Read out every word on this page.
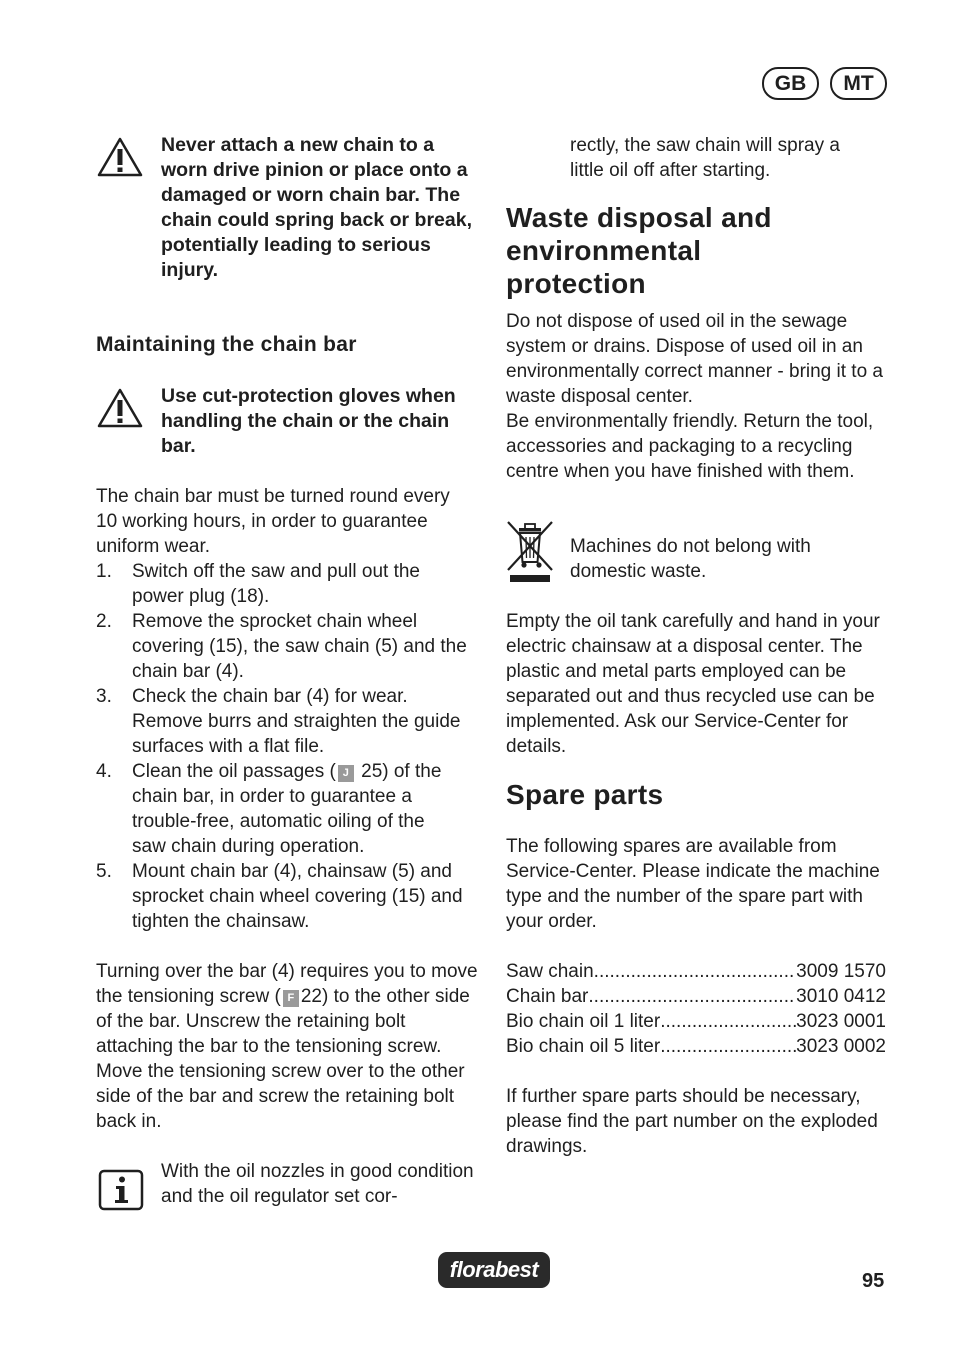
GB	MT
Never attach a new chain to a worn drive pinion or place onto a damaged or worn chain bar. The chain could spring back or break, potentially leading to serious injury.
Maintaining the chain bar
Use cut-protection gloves when handling the chain or the chain bar.
The chain bar must be turned round every 10 working hours, in order to guarantee uniform wear.
1. Switch off the saw and pull out the power plug (18).
2. Remove the sprocket chain wheel covering (15), the saw chain (5) and the chain bar (4).
3. Check the chain bar (4) for wear. Remove burrs and straighten the guide surfaces with a flat file.
4. Clean the oil passages ( J 25) of the chain bar, in order to guarantee a trouble-free, automatic oiling of the saw chain during operation.
5. Mount chain bar (4), chainsaw (5) and sprocket chain wheel covering (15) and tighten the chainsaw.
Turning over the bar (4) requires you to move the tensioning screw ( F 22) to the other side of the bar. Unscrew the retaining bolt attaching the bar to the tensioning screw. Move the tensioning screw over to the other side of the bar and screw the retaining bolt back in.
With the oil nozzles in good condition and the oil regulator set cor-
rectly, the saw chain will spray a little oil off after starting.
Waste disposal and environmental protection
Do not dispose of used oil in the sewage system or drains. Dispose of used oil in an environmentally correct manner - bring it to a waste disposal center.
Be environmentally friendly. Return the tool, accessories and packaging to a recycling centre when you have finished with them.
Machines do not belong with domestic waste.
Empty the oil tank carefully and hand in your electric chainsaw at a disposal center. The plastic and metal parts employed can be separated out and thus recycled use can be implemented. Ask our Service-Center for details.
Spare parts
The following spares are available from Service-Center. Please indicate the machine type and the number of the spare part with your order.
Saw chain .....	3009 1570
Chain bar .....	3010 0412
Bio chain oil 1 liter .....	3023 0001
Bio chain oil 5 liter .....	3023 0002
If further spare parts should be necessary, please find the part number on the exploded drawings.
florabest	95
